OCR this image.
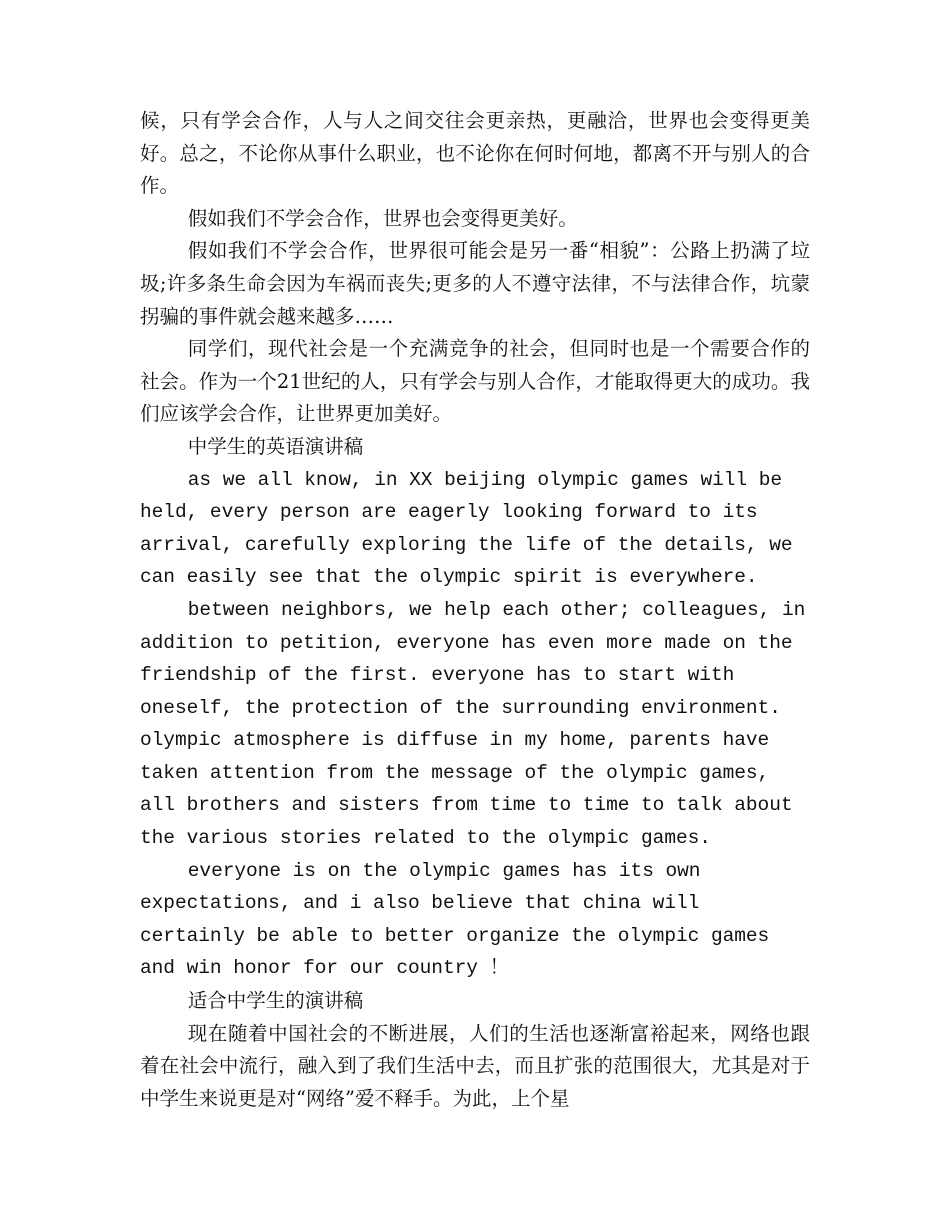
候，只有学会合作，人与人之间交往会更亲热，更融洽，世界也会变得更美好。总之，不论你从事什么职业，也不论你在何时何地，都离不开与别人的合作。

假如我们不学会合作，世界也会变得更美好。

假如我们不学会合作，世界很可能会是另一番“相貌”：公路上扔满了垃圾;许多条生命会因为车祸而丧失;更多的人不遵守法律，不与法律合作，坑蒙拐骗的事件就会越来越多……

同学们，现代社会是一个充满竞争的社会，但同时也是一个需要合作的社会。作为一个21世纪的人，只有学会与别人合作，才能取得更大的成功。我们应该学会合作，让世界更加美好。

中学生的英语演讲稿

as we all know, in XX beijing olympic games will be held, every person are eagerly looking forward to its arrival, carefully exploring the life of the details, we can easily see that the olympic spirit is everywhere.

between neighbors, we help each other; colleagues, in addition to petition, everyone has even more made on the friendship of the first. everyone has to start with oneself, the protection of the surrounding environment. olympic atmosphere is diffuse in my home, parents have taken attention from the message of the olympic games, all brothers and sisters from time to time to talk about the various stories related to the olympic games.

everyone is on the olympic games has its own expectations, and i also believe that china will certainly be able to better organize the olympic games and win honor for our country ！

适合中学生的演讲稿

现在随着中国社会的不断进展，人们的生活也逐渐富裕起来，网络也跟着在社会中流行，融入到了我们生活中去，而且扩张的范围很大，尤其是对于中学生来说更是对“网络”爱不释手。为此，上个星
